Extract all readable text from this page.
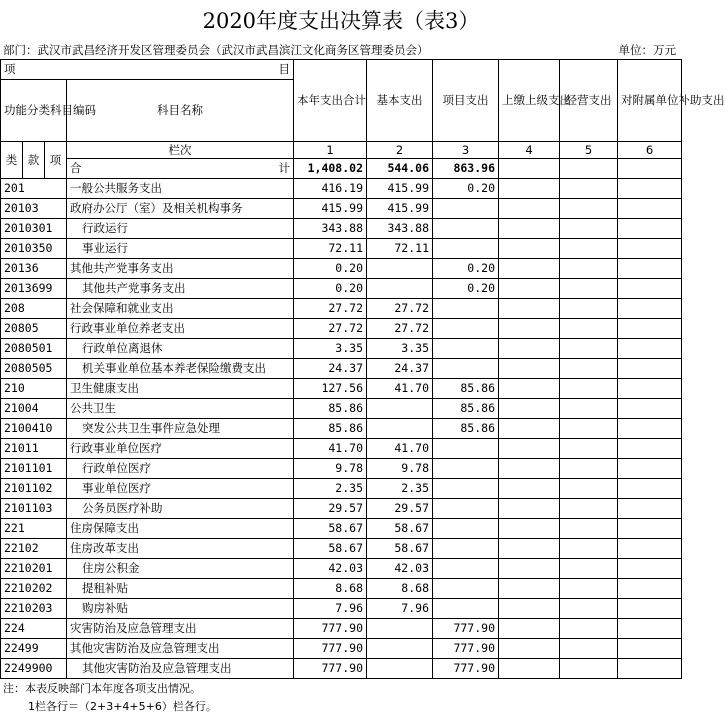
2020年度支出决算表（表3）
部门：武汉市武昌经济开发区管理委员会（武汉市武昌滨江文化商务区管理委员会）	单位：万元
项 目				本年支出合计	基本支出	项目支出	上缴上级支出	经营支出	对附属单位补助支出
功能分类科目编码			科目名称						
类	款	项	栏次	1	2	3	4	5	6
			合 计	1,408.02	544.06	863.96			
201			一般公共服务支出	416.19	415.99	0.20			
20103			政府办公厅（室）及相关机构事务	415.99	415.99				
2010301			行政运行	343.88	343.88				
2010350			事业运行	72.11	72.11				
20136			其他共产党事务支出	0.20		0.20			
2013699			其他共产党事务支出	0.20		0.20			
208			社会保障和就业支出	27.72	27.72				
20805			行政事业单位养老支出	27.72	27.72				
2080501			行政单位离退休	3.35	3.35				
2080505			机关事业单位基本养老保险缴费支出	24.37	24.37				
210			卫生健康支出	127.56	41.70	85.86			
21004			公共卫生	85.86		85.86			
2100410			突发公共卫生事件应急处理	85.86		85.86			
21011			行政事业单位医疗	41.70	41.70				
2101101			行政单位医疗	9.78	9.78				
2101102			事业单位医疗	2.35	2.35				
2101103			公务员医疗补助	29.57	29.57				
221			住房保障支出	58.67	58.67				
22102			住房改革支出	58.67	58.67				
2210201			住房公积金	42.03	42.03				
2210202			提租补贴	8.68	8.68				
2210203			购房补贴	7.96	7.96				
224			灾害防治及应急管理支出	777.90		777.90			
22499			其他灾害防治及应急管理支出	777.90		777.90			
2249900			其他灾害防治及应急管理支出	777.90		777.90			
注：本表反映部门本年度各项支出情况。
1栏各行＝（2+3+4+5+6）栏各行。
